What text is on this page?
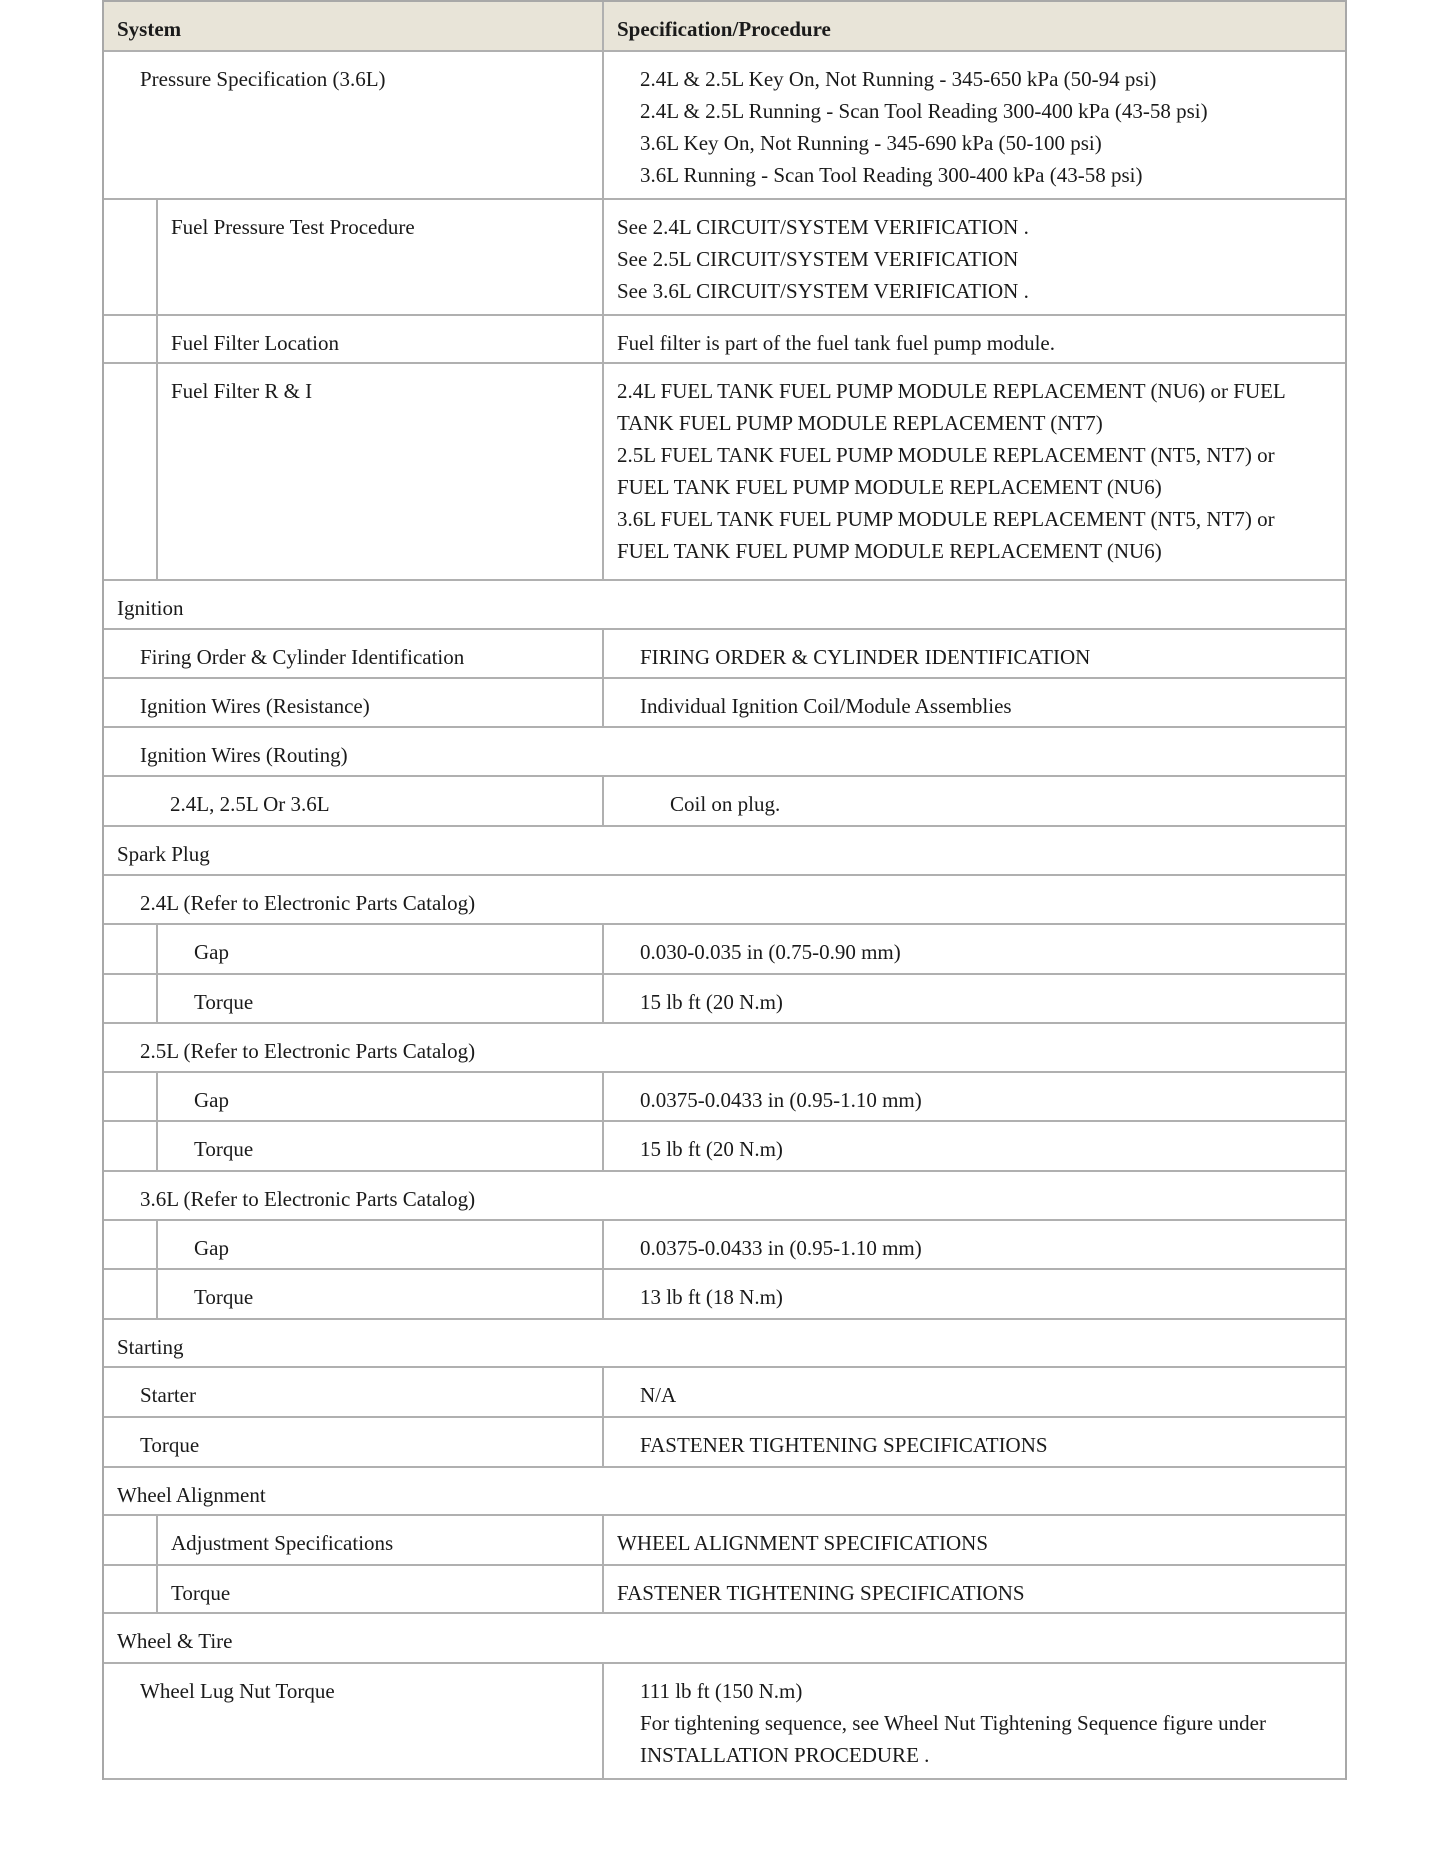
System	Specification/Procedure
Pressure Specification (3.6L)	2.4L & 2.5L Key On, Not Running - 345-650 kPa (50-94 psi)
2.4L & 2.5L Running - Scan Tool Reading 300-400 kPa (43-58 psi)
3.6L Key On, Not Running - 345-690 kPa (50-100 psi)
3.6L Running - Scan Tool Reading 300-400 kPa (43-58 psi)
Fuel Pressure Test Procedure	See 2.4L CIRCUIT/SYSTEM VERIFICATION .
See 2.5L CIRCUIT/SYSTEM VERIFICATION
See 3.6L CIRCUIT/SYSTEM VERIFICATION .
Fuel Filter Location	Fuel filter is part of the fuel tank fuel pump module.
Fuel Filter R & I	2.4L FUEL TANK FUEL PUMP MODULE REPLACEMENT (NU6) or FUEL
TANK FUEL PUMP MODULE REPLACEMENT (NT7)
2.5L FUEL TANK FUEL PUMP MODULE REPLACEMENT (NT5, NT7) or
FUEL TANK FUEL PUMP MODULE REPLACEMENT (NU6)
3.6L FUEL TANK FUEL PUMP MODULE REPLACEMENT (NT5, NT7) or
FUEL TANK FUEL PUMP MODULE REPLACEMENT (NU6)
Ignition
Firing Order & Cylinder Identification	FIRING ORDER & CYLINDER IDENTIFICATION
Ignition Wires (Resistance)	Individual Ignition Coil/Module Assemblies
Ignition Wires (Routing)
2.4L, 2.5L Or 3.6L	Coil on plug.
Spark Plug
2.4L (Refer to Electronic Parts Catalog)
Gap	0.030-0.035 in (0.75-0.90 mm)
Torque	15 lb ft (20 N.m)
2.5L (Refer to Electronic Parts Catalog)
Gap	0.0375-0.0433 in (0.95-1.10 mm)
Torque	15 lb ft (20 N.m)
3.6L (Refer to Electronic Parts Catalog)
Gap	0.0375-0.0433 in (0.95-1.10 mm)
Torque	13 lb ft (18 N.m)
Starting
Starter	N/A
Torque	FASTENER TIGHTENING SPECIFICATIONS
Wheel Alignment
Adjustment Specifications	WHEEL ALIGNMENT SPECIFICATIONS
Torque	FASTENER TIGHTENING SPECIFICATIONS
Wheel & Tire
Wheel Lug Nut Torque	111 lb ft (150 N.m)
For tightening sequence, see Wheel Nut Tightening Sequence figure under
INSTALLATION PROCEDURE .
